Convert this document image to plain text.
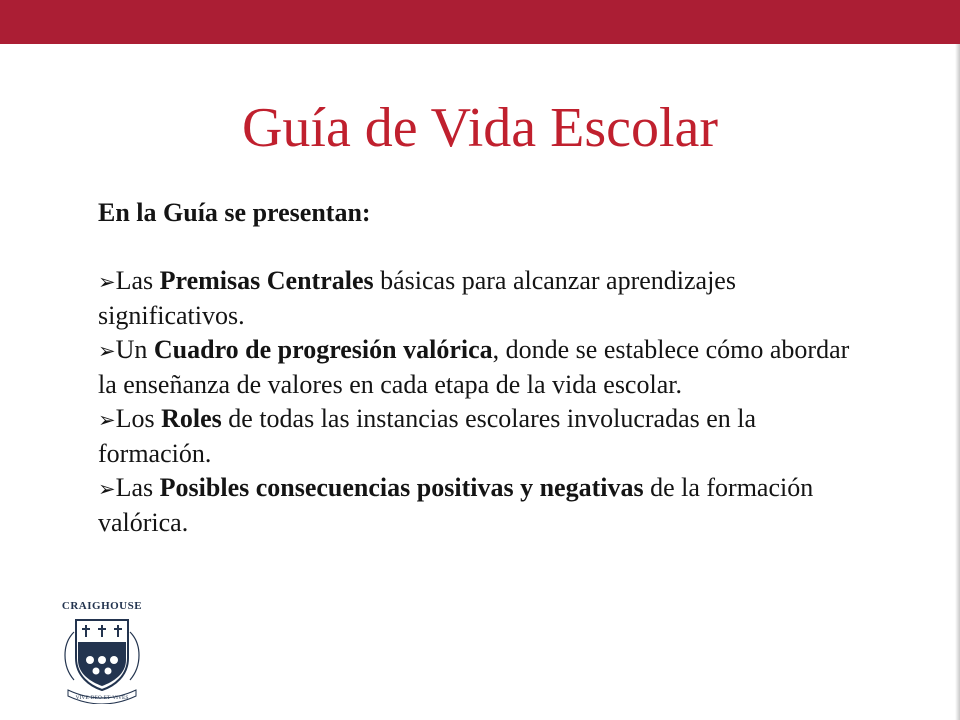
Guía de Vida Escolar

En la Guía se presentan:

➢Las Premisas Centrales básicas para alcanzar aprendizajes significativos.

➢Un Cuadro de progresión valórica, donde se establece cómo abordar la enseñanza de valores en cada etapa de la vida escolar.

➢Los Roles de todas las instancias escolares involucradas en la formación.

➢Las Posibles consecuencias positivas y negativas de la formación valórica.

CRAIGHOUSE
VIVE·DEO·ET·VIVES
